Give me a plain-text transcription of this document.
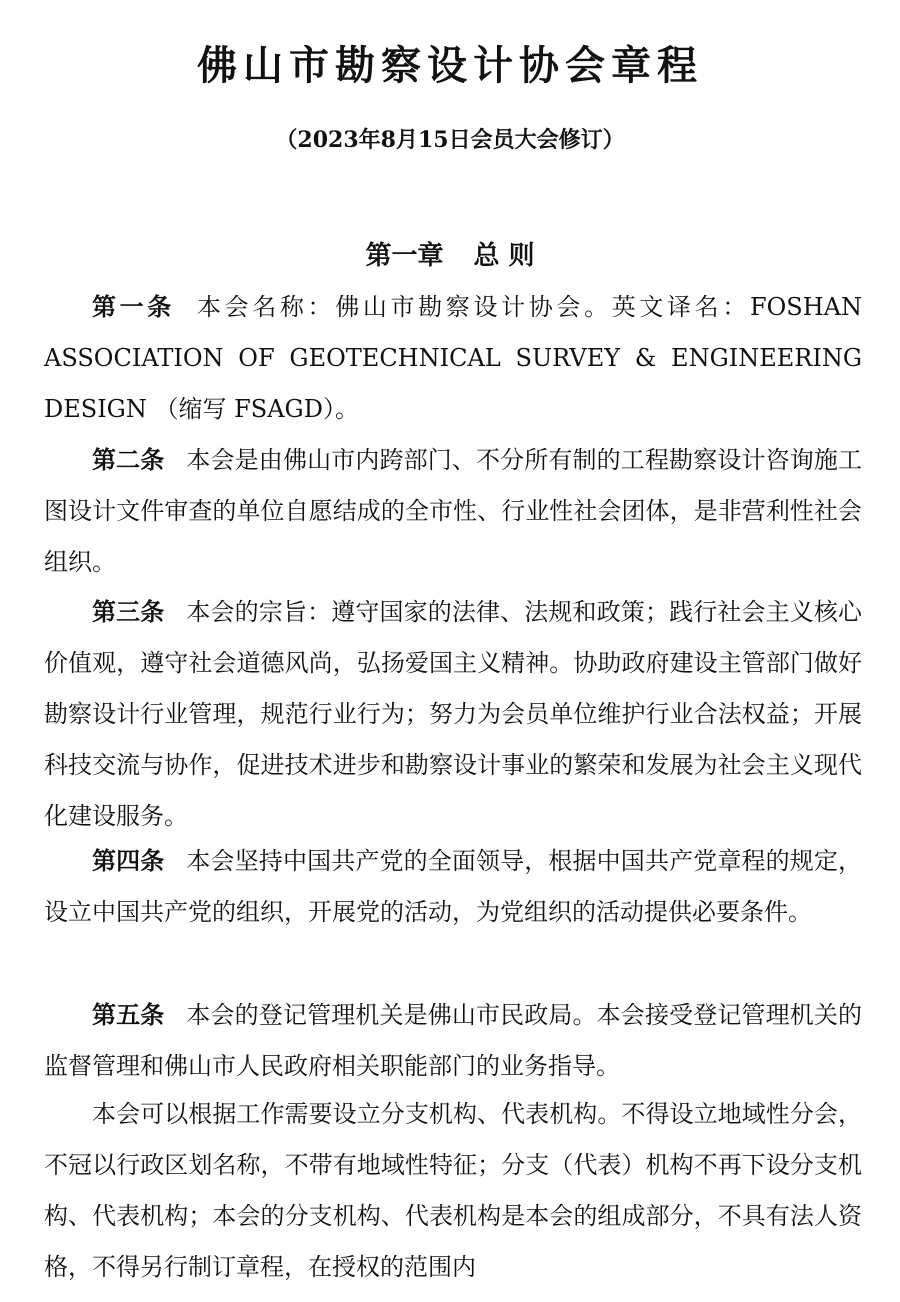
佛山市勘察设计协会章程

（2023年8月15日会员大会修订）

第一章 总 则

第一条 本会名称：佛山市勘察设计协会。英文译名：FOSHAN ASSOCIATION OF GEOTECHNICAL SURVEY & ENGINEERING DESIGN （缩写 FSAGD）。

第二条 本会是由佛山市内跨部门、不分所有制的工程勘察设计咨询施工图设计文件审查的单位自愿结成的全市性、行业性社会团体，是非营利性社会组织。

第三条 本会的宗旨：遵守国家的法律、法规和政策；践行社会主义核心价值观，遵守社会道德风尚，弘扬爱国主义精神。协助政府建设主管部门做好勘察设计行业管理，规范行业行为；努力为会员单位维护行业合法权益；开展科技交流与协作，促进技术进步和勘察设计事业的繁荣和发展为社会主义现代化建设服务。

第四条 本会坚持中国共产党的全面领导，根据中国共产党章程的规定，设立中国共产党的组织，开展党的活动，为党组织的活动提供必要条件。

第五条 本会的登记管理机关是佛山市民政局。本会接受登记管理机关的监督管理和佛山市人民政府相关职能部门的业务指导。

本会可以根据工作需要设立分支机构、代表机构。不得设立地域性分会，不冠以行政区划名称，不带有地域性特征；分支（代表）机构不再下设分支机构、代表机构；本会的分支机构、代表机构是本会的组成部分，不具有法人资格，不得另行制订章程，在授权的范围内
